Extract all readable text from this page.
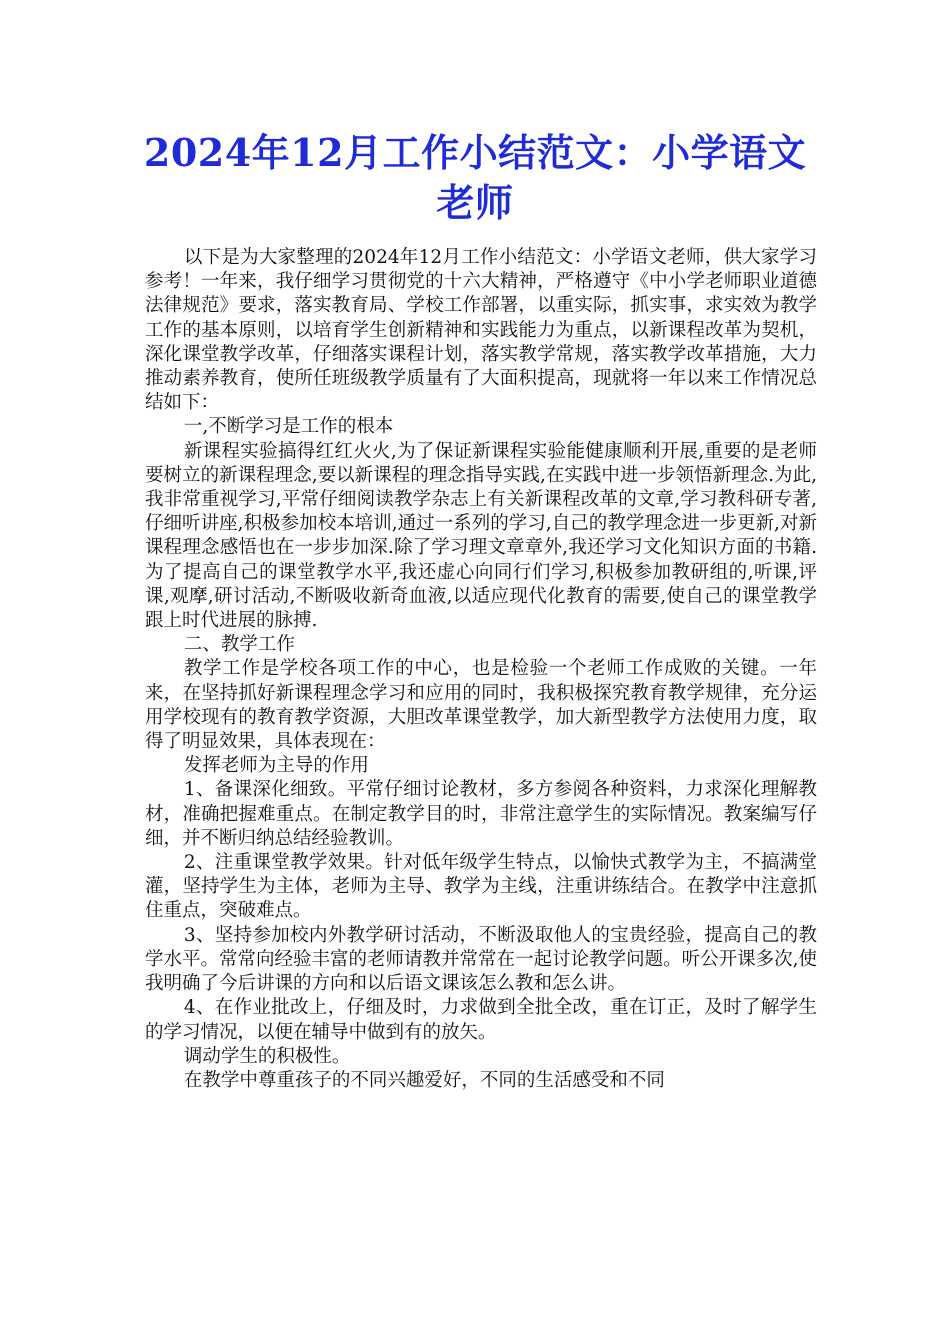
2024年12月工作小结范文：小学语文老师

以下是为大家整理的2024年12月工作小结范文：小学语文老师，供大家学习参考！一年来，我仔细学习贯彻党的十六大精神，严格遵守《中小学老师职业道德法律规范》要求，落实教育局、学校工作部署，以重实际，抓实事，求实效为教学工作的基本原则，以培育学生创新精神和实践能力为重点，以新课程改革为契机，深化课堂教学改革，仔细落实课程计划，落实教学常规，落实教学改革措施，大力推动素养教育，使所任班级教学质量有了大面积提高，现就将一年以来工作情况总结如下：

一,不断学习是工作的根本

新课程实验搞得红红火火,为了保证新课程实验能健康顺利开展,重要的是老师要树立的新课程理念,要以新课程的理念指导实践,在实践中进一步领悟新理念.为此,我非常重视学习,平常仔细阅读教学杂志上有关新课程改革的文章,学习教科研专著,仔细听讲座,积极参加校本培训,通过一系列的学习,自己的教学理念进一步更新,对新课程理念感悟也在一步步加深.除了学习理文章章外,我还学习文化知识方面的书籍.为了提高自己的课堂教学水平,我还虚心向同行们学习,积极参加教研组的,听课,评课,观摩,研讨活动,不断吸收新奇血液,以适应现代化教育的需要,使自己的课堂教学跟上时代进展的脉搏.

二、教学工作

教学工作是学校各项工作的中心，也是检验一个老师工作成败的关键。一年来，在坚持抓好新课程理念学习和应用的同时，我积极探究教育教学规律，充分运用学校现有的教育教学资源，大胆改革课堂教学，加大新型教学方法使用力度，取得了明显效果，具体表现在：

发挥老师为主导的作用

1、备课深化细致。平常仔细讨论教材，多方参阅各种资料，力求深化理解教材，准确把握难重点。在制定教学目的时，非常注意学生的实际情况。教案编写仔细，并不断归纳总结经验教训。

2、注重课堂教学效果。针对低年级学生特点，以愉快式教学为主，不搞满堂灌，坚持学生为主体，老师为主导、教学为主线，注重讲练结合。在教学中注意抓住重点，突破难点。

3、坚持参加校内外教学研讨活动，不断汲取他人的宝贵经验，提高自己的教学水平。常常向经验丰富的老师请教并常常在一起讨论教学问题。听公开课多次,使我明确了今后讲课的方向和以后语文课该怎么教和怎么讲。

4、在作业批改上，仔细及时，力求做到全批全改，重在订正，及时了解学生的学习情况，以便在辅导中做到有的放矢。

调动学生的积极性。

在教学中尊重孩子的不同兴趣爱好，不同的生活感受和不同
